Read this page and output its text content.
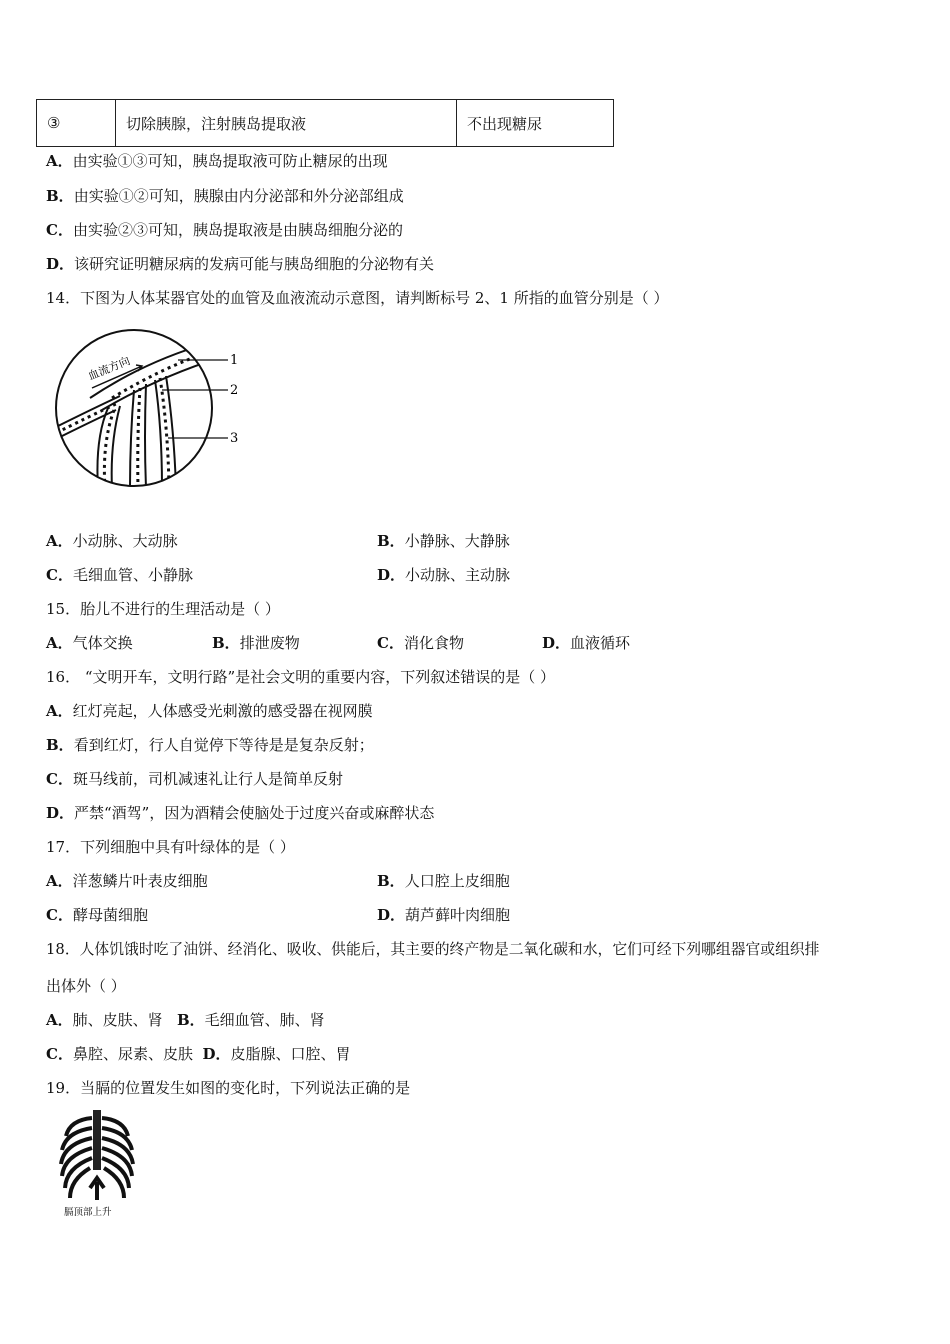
③	切除胰腺，注射胰岛提取液	不出现糖尿
A．由实验①③可知，胰岛提取液可防止糖尿的出现
B．由实验①②可知，胰腺由内分泌部和外分泌部组成
C．由实验②③可知，胰岛提取液是由胰岛细胞分泌的
D．该研究证明糖尿病的发病可能与胰岛细胞的分泌物有关
14．下图为人体某器官处的血管及血液流动示意图，请判断标号 2、1 所指的血管分别是（ ）
血流方向	1
2
3
A．小动脉、大动脉	B．小静脉、大静脉
C．毛细血管、小静脉	D．小动脉、主动脉
15．胎儿不进行的生理活动是（ ）
A．气体交换	B．排泄废物	C．消化食物	D．血液循环
16． “文明开车，文明行路”是社会文明的重要内容，下列叙述错误的是（ ）
A．红灯亮起，人体感受光刺激的感受器在视网膜
B．看到红灯，行人自觉停下等待是是复杂反射；
C．斑马线前，司机减速礼让行人是简单反射
D．严禁“酒驾”，因为酒精会使脑处于过度兴奋或麻醉状态
17．下列细胞中具有叶绿体的是（ ）
A．洋葱鳞片叶表皮细胞	B．人口腔上皮细胞
C．酵母菌细胞	D．葫芦藓叶肉细胞
18．人体饥饿时吃了油饼、经消化、吸收、供能后，其主要的终产物是二氧化碳和水，它们可经下列哪组器官或组织排
出体外（ ）
A．肺、皮肤、肾 B．毛细血管、肺、肾
C．鼻腔、尿素、皮肤 D．皮脂腺、口腔、胃
19．当膈的位置发生如图的变化时，下列说法正确的是
膈顶部上升
